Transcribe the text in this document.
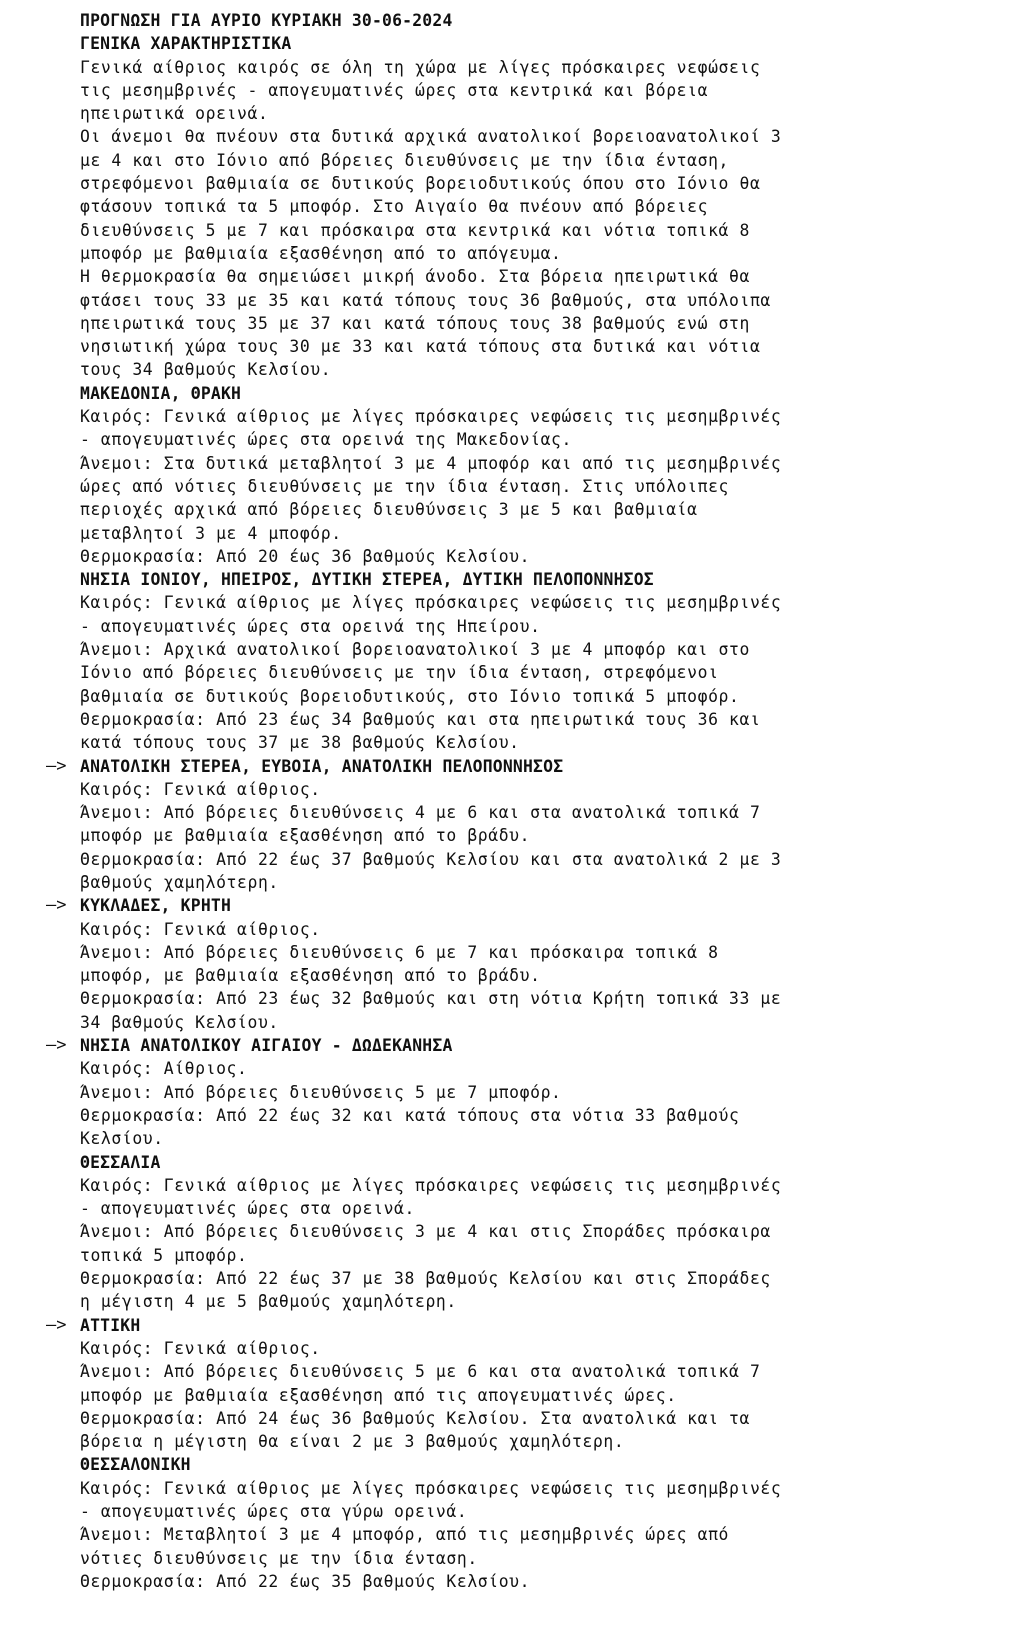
ΠΡΟΓΝΩΣΗ ΓΙΑ ΑΥΡΙΟ ΚΥΡΙΑΚΗ 30-06-2024
ΓΕΝΙΚΑ ΧΑΡΑΚΤΗΡΙΣΤΙΚΑ
Γενικά αίθριος καιρός σε όλη τη χώρα με λίγες πρόσκαιρες νεφώσεις
τις μεσημβρινές - απογευματινές ώρες στα κεντρικά και βόρεια
ηπειρωτικά ορεινά.
Οι άνεμοι θα πνέουν στα δυτικά αρχικά ανατολικοί βορειοανατολικοί 3
με 4 και στο Ιόνιο από βόρειες διευθύνσεις με την ίδια ένταση,
στρεφόμενοι βαθμιαία σε δυτικούς βορειοδυτικούς όπου στο Ιόνιο θα
φτάσουν τοπικά τα 5 μποφόρ. Στο Αιγαίο θα πνέουν από βόρειες
διευθύνσεις 5 με 7 και πρόσκαιρα στα κεντρικά και νότια τοπικά 8
μποφόρ με βαθμιαία εξασθένηση από το απόγευμα.
Η θερμοκρασία θα σημειώσει μικρή άνοδο. Στα βόρεια ηπειρωτικά θα
φτάσει τους 33 με 35 και κατά τόπους τους 36 βαθμούς, στα υπόλοιπα
ηπειρωτικά τους 35 με 37 και κατά τόπους τους 38 βαθμούς ενώ στη
νησιωτική χώρα τους 30 με 33 και κατά τόπους στα δυτικά και νότια
τους 34 βαθμούς Κελσίου.
ΜΑΚΕΔΟΝΙΑ, ΘΡΑΚΗ
Καιρός: Γενικά αίθριος με λίγες πρόσκαιρες νεφώσεις τις μεσημβρινές
- απογευματινές ώρες στα ορεινά της Μακεδονίας.
Άνεμοι: Στα δυτικά μεταβλητοί 3 με 4 μποφόρ και από τις μεσημβρινές
ώρες από νότιες διευθύνσεις με την ίδια ένταση. Στις υπόλοιπες
περιοχές αρχικά από βόρειες διευθύνσεις 3 με 5 και βαθμιαία
μεταβλητοί 3 με 4 μποφόρ.
Θερμοκρασία: Από 20 έως 36 βαθμούς Κελσίου.
ΝΗΣΙΑ ΙΟΝΙΟΥ, ΗΠΕΙΡΟΣ, ΔΥΤΙΚΗ ΣΤΕΡΕΑ, ΔΥΤΙΚΗ ΠΕΛΟΠΟΝΝΗΣΟΣ
Καιρός: Γενικά αίθριος με λίγες πρόσκαιρες νεφώσεις τις μεσημβρινές
- απογευματινές ώρες στα ορεινά της Ηπείρου.
Άνεμοι: Αρχικά ανατολικοί βορειοανατολικοί 3 με 4 μποφόρ και στο
Ιόνιο από βόρειες διευθύνσεις με την ίδια ένταση, στρεφόμενοι
βαθμιαία σε δυτικούς βορειοδυτικούς, στο Ιόνιο τοπικά 5 μποφόρ.
Θερμοκρασία: Από 23 έως 34 βαθμούς και στα ηπειρωτικά τους 36 και
κατά τόπους τους 37 με 38 βαθμούς Κελσίου.
—> ΑΝΑΤΟΛΙΚΗ ΣΤΕΡΕΑ, ΕΥΒΟΙΑ, ΑΝΑΤΟΛΙΚΗ ΠΕΛΟΠΟΝΝΗΣΟΣ
Καιρός: Γενικά αίθριος.
Άνεμοι: Από βόρειες διευθύνσεις 4 με 6 και στα ανατολικά τοπικά 7
μποφόρ με βαθμιαία εξασθένηση από το βράδυ.
Θερμοκρασία: Από 22 έως 37 βαθμούς Κελσίου και στα ανατολικά 2 με 3
βαθμούς χαμηλότερη.
—> ΚΥΚΛΑΔΕΣ, ΚΡΗΤΗ
Καιρός: Γενικά αίθριος.
Άνεμοι: Από βόρειες διευθύνσεις 6 με 7 και πρόσκαιρα τοπικά 8
μποφόρ, με βαθμιαία εξασθένηση από το βράδυ.
Θερμοκρασία: Από 23 έως 32 βαθμούς και στη νότια Κρήτη τοπικά 33 με
34 βαθμούς Κελσίου.
—> ΝΗΣΙΑ ΑΝΑΤΟΛΙΚΟΥ ΑΙΓΑΙΟΥ - ΔΩΔΕΚΑΝΗΣΑ
Καιρός: Αίθριος.
Άνεμοι: Από βόρειες διευθύνσεις 5 με 7 μποφόρ.
Θερμοκρασία: Από 22 έως 32 και κατά τόπους στα νότια 33 βαθμούς
Κελσίου.
ΘΕΣΣΑΛΙΑ
Καιρός: Γενικά αίθριος με λίγες πρόσκαιρες νεφώσεις τις μεσημβρινές
- απογευματινές ώρες στα ορεινά.
Άνεμοι: Από βόρειες διευθύνσεις 3 με 4 και στις Σποράδες πρόσκαιρα
τοπικά 5 μποφόρ.
Θερμοκρασία: Από 22 έως 37 με 38 βαθμούς Κελσίου και στις Σποράδες
η μέγιστη 4 με 5 βαθμούς χαμηλότερη.
—> ΑΤΤΙΚΗ
Καιρός: Γενικά αίθριος.
Άνεμοι: Από βόρειες διευθύνσεις 5 με 6 και στα ανατολικά τοπικά 7
μποφόρ με βαθμιαία εξασθένηση από τις απογευματινές ώρες.
Θερμοκρασία: Από 24 έως 36 βαθμούς Κελσίου. Στα ανατολικά και τα
βόρεια η μέγιστη θα είναι 2 με 3 βαθμούς χαμηλότερη.
ΘΕΣΣΑΛΟΝΙΚΗ
Καιρός: Γενικά αίθριος με λίγες πρόσκαιρες νεφώσεις τις μεσημβρινές
- απογευματινές ώρες στα γύρω ορεινά.
Άνεμοι: Μεταβλητοί 3 με 4 μποφόρ, από τις μεσημβρινές ώρες από
νότιες διευθύνσεις με την ίδια ένταση.
Θερμοκρασία: Από 22 έως 35 βαθμούς Κελσίου.
